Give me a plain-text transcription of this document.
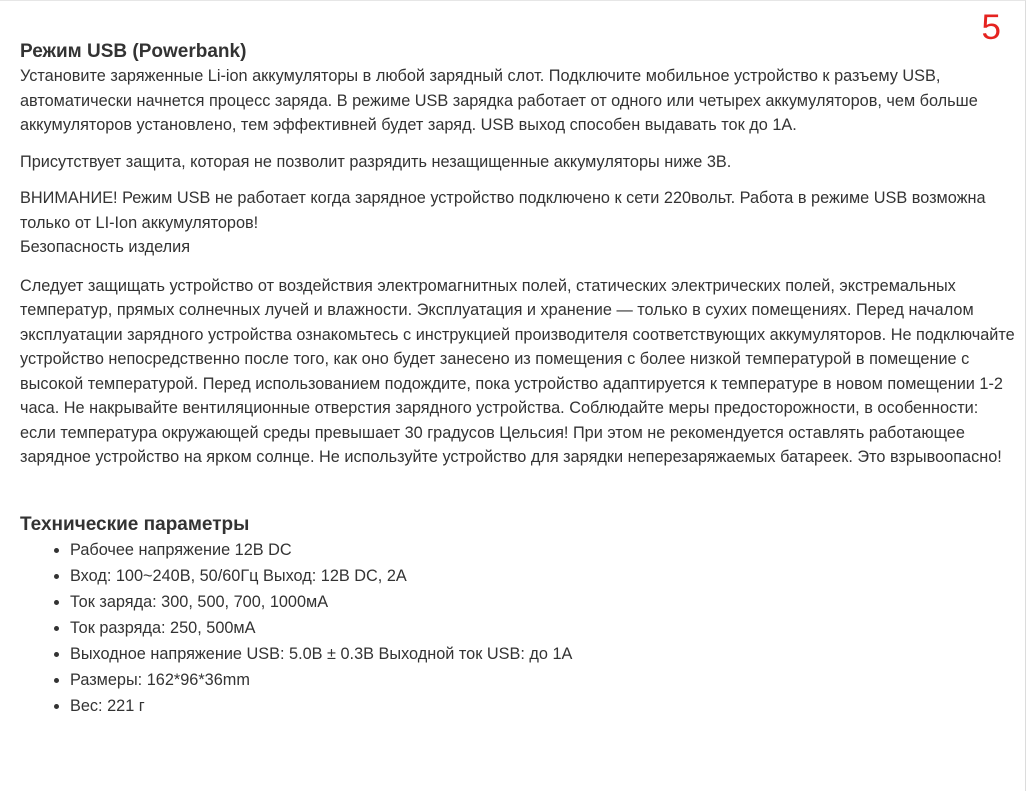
5
Режим USB (Powerbank)

Установите заряженные Li-ion аккумуляторы в любой зарядный слот. Подключите мобильное устройство к разъему USB, автоматически начнется процесс заряда. В режиме USB зарядка работает от одного или четырех аккумуляторов, чем больше аккумуляторов установлено, тем эффективней будет заряд. USB выход способен выдавать ток до 1А.

Присутствует защита, которая не позволит разрядить незащищенные аккумуляторы ниже 3В.

ВНИМАНИЕ! Режим USB не работает когда зарядное устройство подключено к сети 220вольт. Работа в режиме USB возможна только от LI-Ion аккумуляторов!

Безопасность изделия

Следует защищать устройство от воздействия электромагнитных полей, статических электрических полей, экстремальных температур, прямых солнечных лучей и влажности. Эксплуатация и хранение — только в сухих помещениях. Перед началом эксплуатации зарядного устройства ознакомьтесь с инструкцией производителя соответствующих аккумуляторов. Не подключайте устройство непосредственно после того, как оно будет занесено из помещения с более низкой температурой в помещение с высокой температурой. Перед использованием подождите, пока устройство адаптируется к температуре в новом помещении 1-2 часа. Не накрывайте вентиляционные отверстия зарядного устройства. Соблюдайте меры предосторожности, в особенности: если температура окружающей среды превышает 30 градусов Цельсия! При этом не рекомендуется оставлять работающее зарядное устройство на ярком солнце. Не используйте устройство для зарядки неперезаряжаемых батареек. Это взрывоопасно!

Технические параметры
• Рабочее напряжение 12В DC
• Вход: 100~240В, 50/60Гц Выход: 12В DC, 2А
• Ток заряда: 300, 500, 700, 1000мА
• Ток разряда: 250, 500мА
• Выходное напряжение USB: 5.0В ± 0.3В Выходной ток USB: до 1А
• Размеры: 162*96*36mm
• Вес: 221 г
